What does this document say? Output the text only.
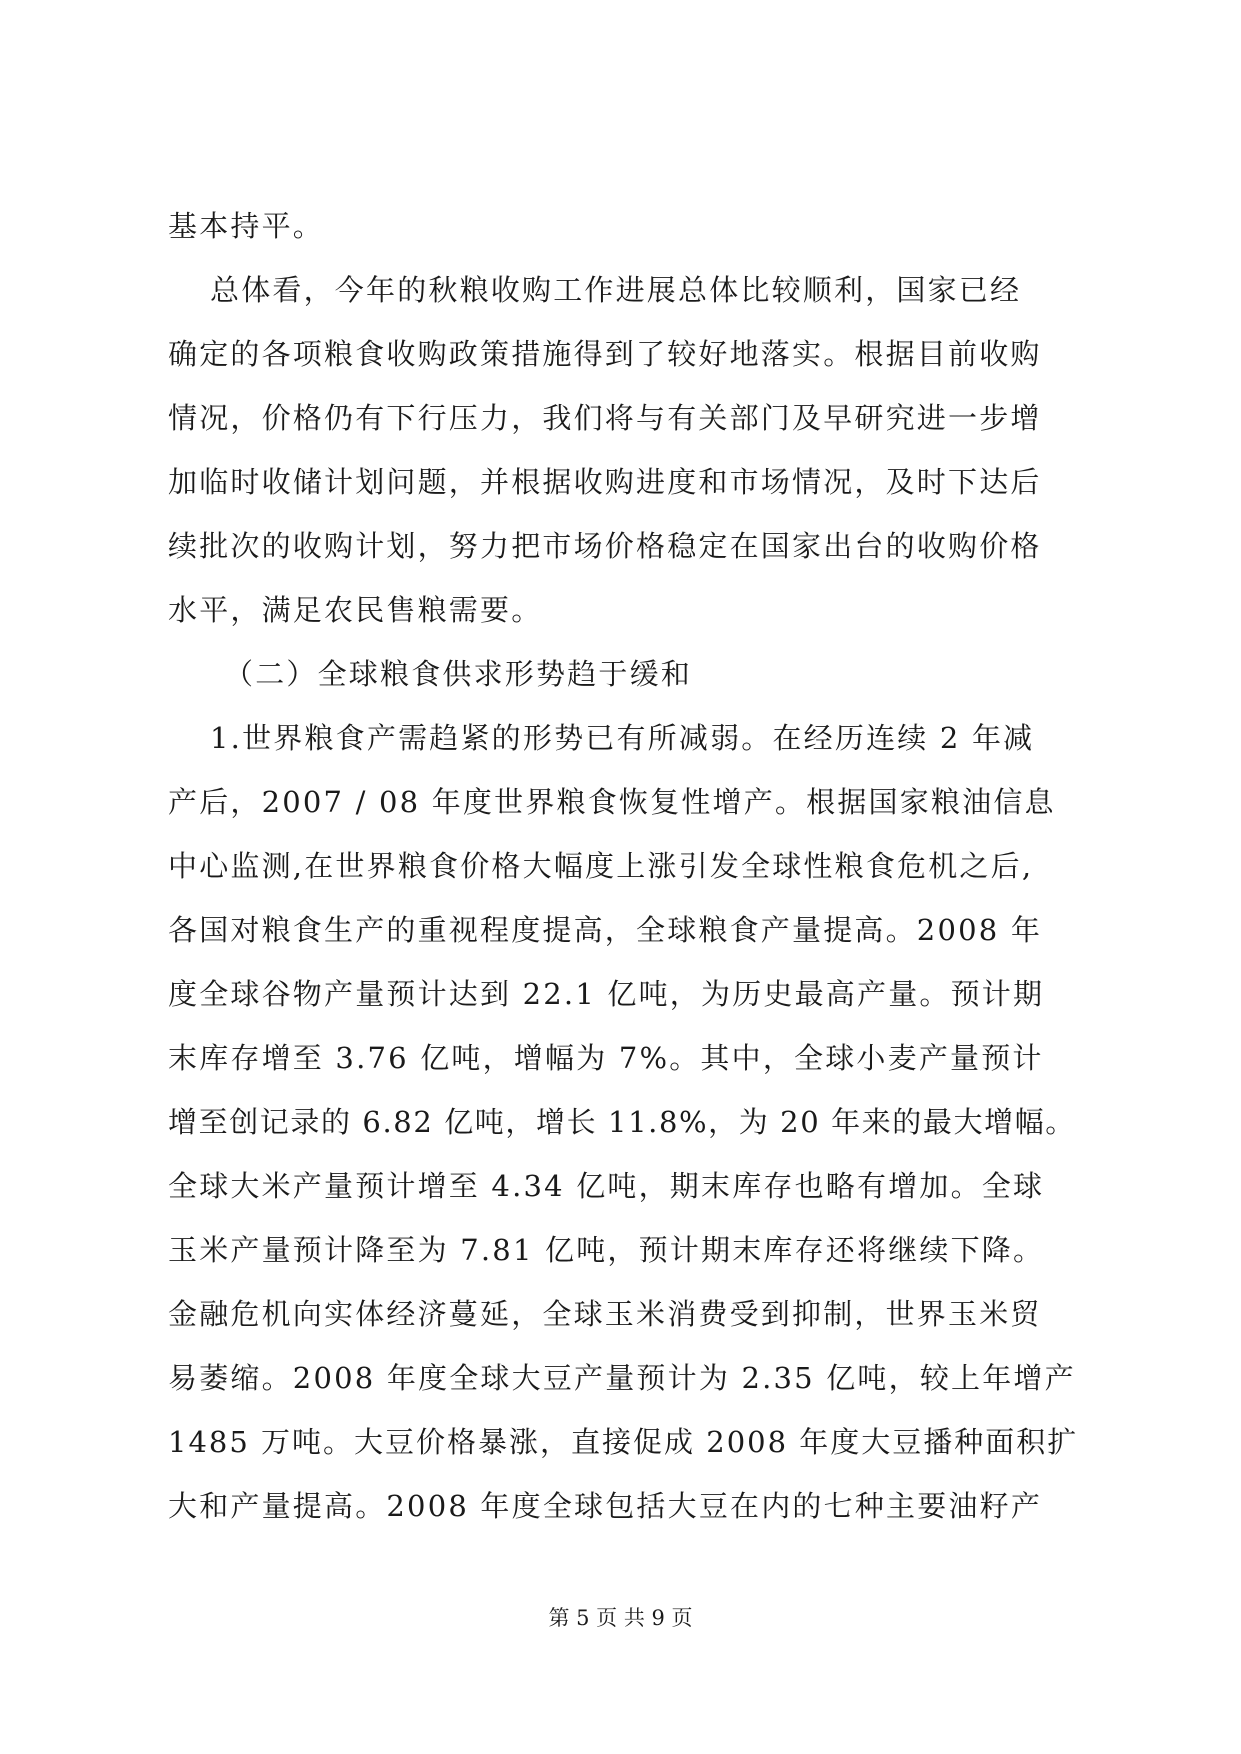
基本持平。
总体看，今年的秋粮收购工作进展总体比较顺利，国家已经
确定的各项粮食收购政策措施得到了较好地落实。根据目前收购
情况，价格仍有下行压力，我们将与有关部门及早研究进一步增
加临时收储计划问题，并根据收购进度和市场情况，及时下达后
续批次的收购计划，努力把市场价格稳定在国家出台的收购价格
水平，满足农民售粮需要。
（二）全球粮食供求形势趋于缓和
1.世界粮食产需趋紧的形势已有所减弱。在经历连续 2 年减
产后，2007 / 08 年度世界粮食恢复性增产。根据国家粮油信息
中心监测,在世界粮食价格大幅度上涨引发全球性粮食危机之后,
各国对粮食生产的重视程度提高，全球粮食产量提高。2008 年
度全球谷物产量预计达到 22.1 亿吨，为历史最高产量。预计期
末库存增至 3.76 亿吨，增幅为 7%。其中，全球小麦产量预计
增至创记录的 6.82 亿吨，增长 11.8%，为 20 年来的最大增幅。
全球大米产量预计增至 4.34 亿吨，期末库存也略有增加。全球
玉米产量预计降至为 7.81 亿吨，预计期末库存还将继续下降。
金融危机向实体经济蔓延，全球玉米消费受到抑制，世界玉米贸
易萎缩。2008 年度全球大豆产量预计为 2.35 亿吨，较上年增产
1485 万吨。大豆价格暴涨，直接促成 2008 年度大豆播种面积扩
大和产量提高。2008 年度全球包括大豆在内的七种主要油籽产
第 5 页 共 9 页
